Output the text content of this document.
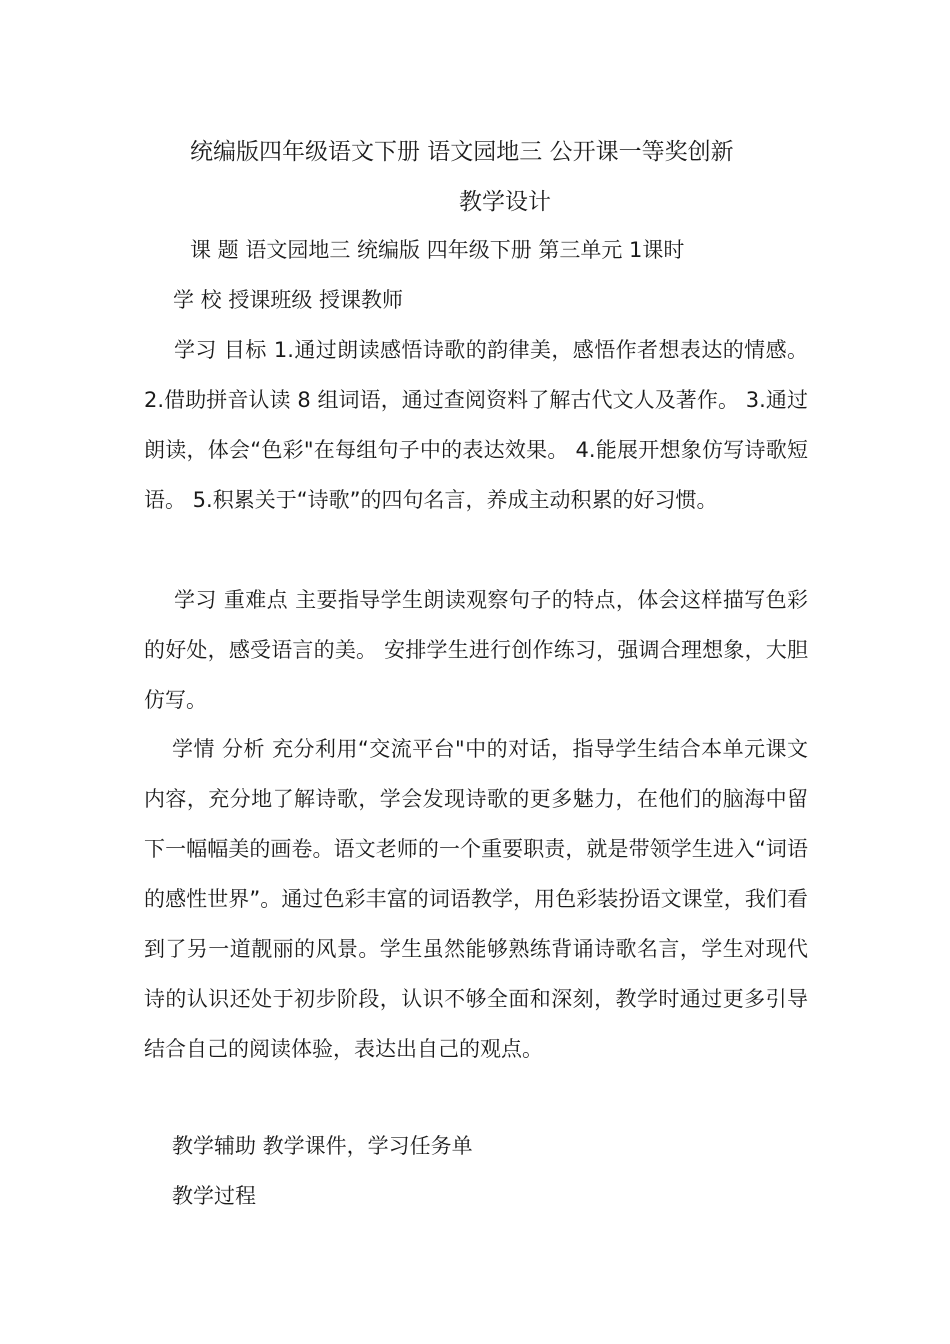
统编版四年级语文下册 语文园地三 公开课一等奖创新
教学设计

课 题 语文园地三 统编版 四年级下册 第三单元 1课时

学 校 授课班级 授课教师

学习 目标 1.通过朗读感悟诗歌的韵律美，感悟作者想表达的情感。 2.借助拼音认读 8 组词语，通过查阅资料了解古代文人及著作。 3.通过朗读，体会“色彩"在每组句子中的表达效果。 4.能展开想象仿写诗歌短语。 5.积累关于“诗歌”的四句名言，养成主动积累的好习惯。

学习 重难点 主要指导学生朗读观察句子的特点，体会这样描写色彩的好处，感受语言的美。 安排学生进行创作练习，强调合理想象，大胆仿写。

学情 分析 充分利用“交流平台"中的对话，指导学生结合本单元课文内容，充分地了解诗歌，学会发现诗歌的更多魅力，在他们的脑海中留下一幅幅美的画卷。语文老师的一个重要职责，就是带领学生进入“词语的感性世界”。通过色彩丰富的词语教学，用色彩装扮语文课堂，我们看到了另一道靓丽的风景。学生虽然能够熟练背诵诗歌名言，学生对现代诗的认识还处于初步阶段，认识不够全面和深刻，教学时通过更多引导结合自己的阅读体验，表达出自己的观点。

教学辅助 教学课件，学习任务单

教学过程
